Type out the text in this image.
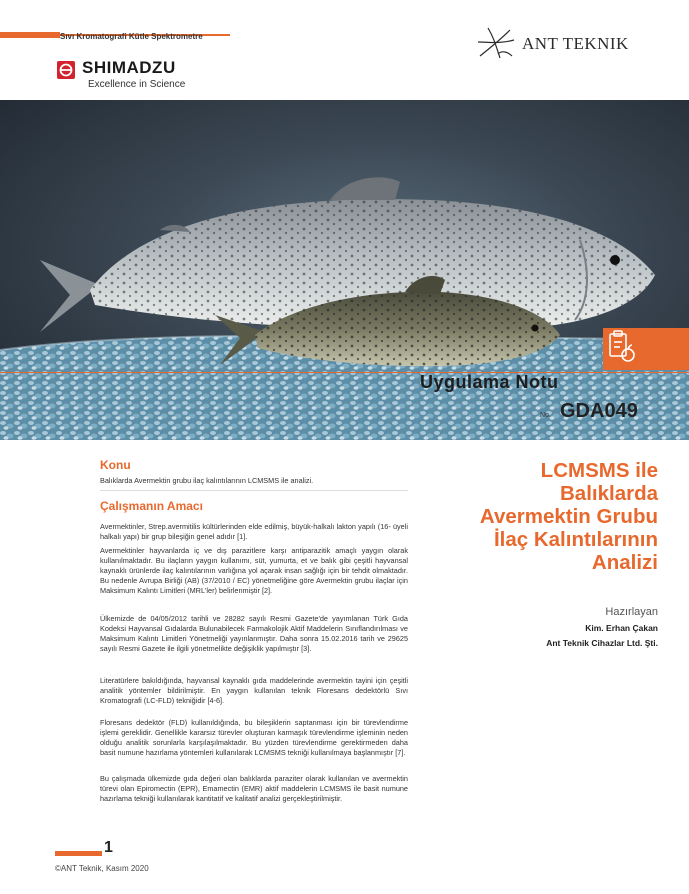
Sıvı Kromatografi Kütle Spektrometre
SHIMADZU
Excellence in Science
ANT TEKNIK
Uygulama Notu
No. GDA049
Konu

Balıklarda Avermektin grubu ilaç kalıntılarının LCMSMS ile analizi.

Çalışmanın Amacı

Avermektinler, Strep.avermitilis kültürlerinden elde edilmiş, büyük-halkalı lakton yapılı (16- üyeli halkalı yapı) bir grup bileşiğin genel adıdır [1].

Avermektinler hayvanlarda iç ve dış parazitlere karşı antiparazitik amaçlı yaygın olarak kullanılmaktadır. Bu ilaçların yaygın kullanımı, süt, yumurta, et ve balık gibi çeşitli hayvansal kaynaklı ürünlerde ilaç kalıntılarının varlığına yol açarak insan sağlığı için bir tehdit olmaktadır. Bu nedenle Avrupa Birliği (AB) (37/2010 / EC) yönetmeliğine göre Avermektin grubu ilaçlar için Maksimum Kalıntı Limitleri (MRL'ler) belirlenmiştir [2].

Ülkemizde de 04/05/2012 tarihli ve 28282 sayılı Resmi Gazete'de yayımlanan Türk Gıda Kodeksi Hayvansal Gıdalarda Bulunabilecek Farmakolojik Aktif Maddelerin Sınıflandırılması ve Maksimum Kalıntı Limitleri Yönetmeliği yayınlanmıştır. Daha sonra 15.02.2016 tarih ve 29625 sayılı Resmi Gazete ile ilgili yönetmelikte değişiklik yapılmıştır [3].

Literatürlere bakıldığında, hayvansal kaynaklı gıda maddelerinde avermektin tayini için çeşitli analitik yöntemler bildirilmiştir. En yaygın kullanılan teknik Floresans dedektörlü Sıvı Kromatografi (LC-FLD) tekniğidir [4-6].

Floresans dedektör (FLD) kullanıldığında, bu bileşiklerin saptanması için bir türevlendirme işlemi gereklidir. Genellikle kararsız türevler oluşturan karmaşık türevlendirme işleminin neden olduğu analitik sorunlarla karşılaşılmaktadır. Bu yüzden türevlendirme gerektirmeden daha basit numune hazırlama yöntemleri kullanılarak LCMSMS tekniği kullanılmaya başlanmıştır [7].

Bu çalışmada ülkemizde gıda değeri olan balıklarda paraziter olarak kullanılan ve avermektin türevi olan Epiromectin (EPR), Emamectin (EMR) aktif maddelerin LCMSMS ile basit numune hazırlama tekniği kullanılarak kantitatif ve kalitatif analizi gerçekleştirilmiştir.

LCMSMS ile
Balıklarda
Avermektin Grubu
İlaç Kalıntılarının
Analizi
Hazırlayan
Kim. Erhan Çakan
Ant Teknik Cihazlar Ltd. Şti.
1
©ANT Teknik, Kasım 2020
